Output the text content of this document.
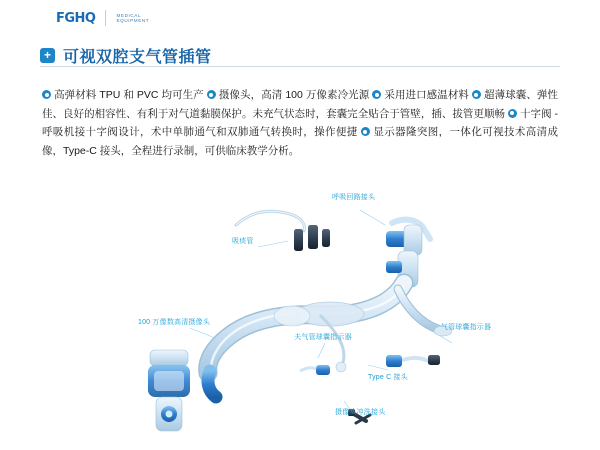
FGHQ	MEDICAL
EQUIPMENT
+ 可视双腔支气管插管
高弹材料 TPU 和 PVC 均可生产 摄像头，高清 100 万像素冷光源 采用进口感温材料 超薄球囊、弹性佳、良好的相容性、有利于对气道黏膜保护。未充气状态时，套囊完全贴合于管壁，插、拔管更顺畅 十字阀 - 呼吸机接十字阀设计，术中单肺通气和双肺通气转换时，操作便捷 显示器隆突图，一体化可视技术高清成像，Type-C 接头，全程进行录制，可供临床教学分析。
呼吸回路接头
吸痰管
100 万像数高清摄像头
夫气管球囊指示器
气管球囊指示器
Type C 接头
摄像头冲洗接头
